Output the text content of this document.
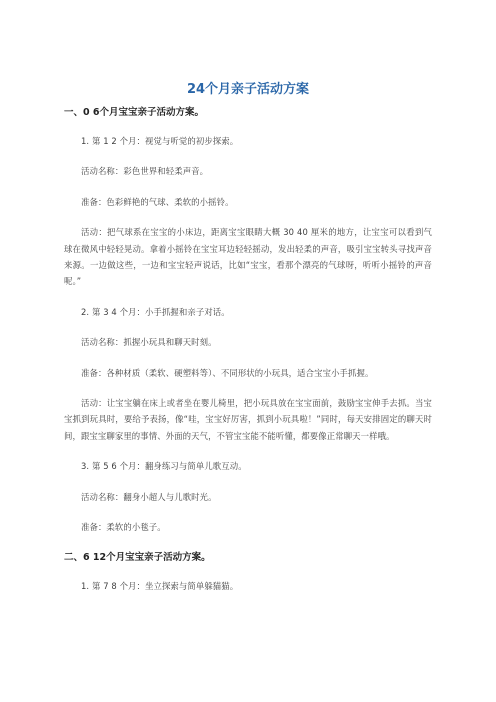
24个月亲子活动方案
一、0 6个月宝宝亲子活动方案。

1. 第 1 2 个月：视觉与听觉的初步探索。

活动名称：彩色世界和轻柔声音。

准备：色彩鲜艳的气球、柔软的小摇铃。

活动：把气球系在宝宝的小床边，距离宝宝眼睛大概 30 40 厘米的地方，让宝宝可以看到气球在微风中轻轻晃动。拿着小摇铃在宝宝耳边轻轻摇动，发出轻柔的声音，吸引宝宝转头寻找声音来源。一边做这些，一边和宝宝轻声说话，比如“宝宝，看那个漂亮的气球呀，听听小摇铃的声音呢。”

2. 第 3 4 个月：小手抓握和亲子对话。

活动名称：抓握小玩具和聊天时刻。

准备：各种材质（柔软、硬塑料等）、不同形状的小玩具，适合宝宝小手抓握。

活动：让宝宝躺在床上或者坐在婴儿椅里，把小玩具放在宝宝面前，鼓励宝宝伸手去抓。当宝宝抓到玩具时，要给予表扬，像“哇，宝宝好厉害，抓到小玩具啦！”同时，每天安排固定的聊天时间，跟宝宝聊家里的事情、外面的天气，不管宝宝能不能听懂，都要像正常聊天一样哦。

3. 第 5 6 个月：翻身练习与简单儿歌互动。

活动名称：翻身小超人与儿歌时光。

准备：柔软的小毯子。

二、6 12个月宝宝亲子活动方案。

1. 第 7 8 个月：坐立探索与简单躲猫猫。
